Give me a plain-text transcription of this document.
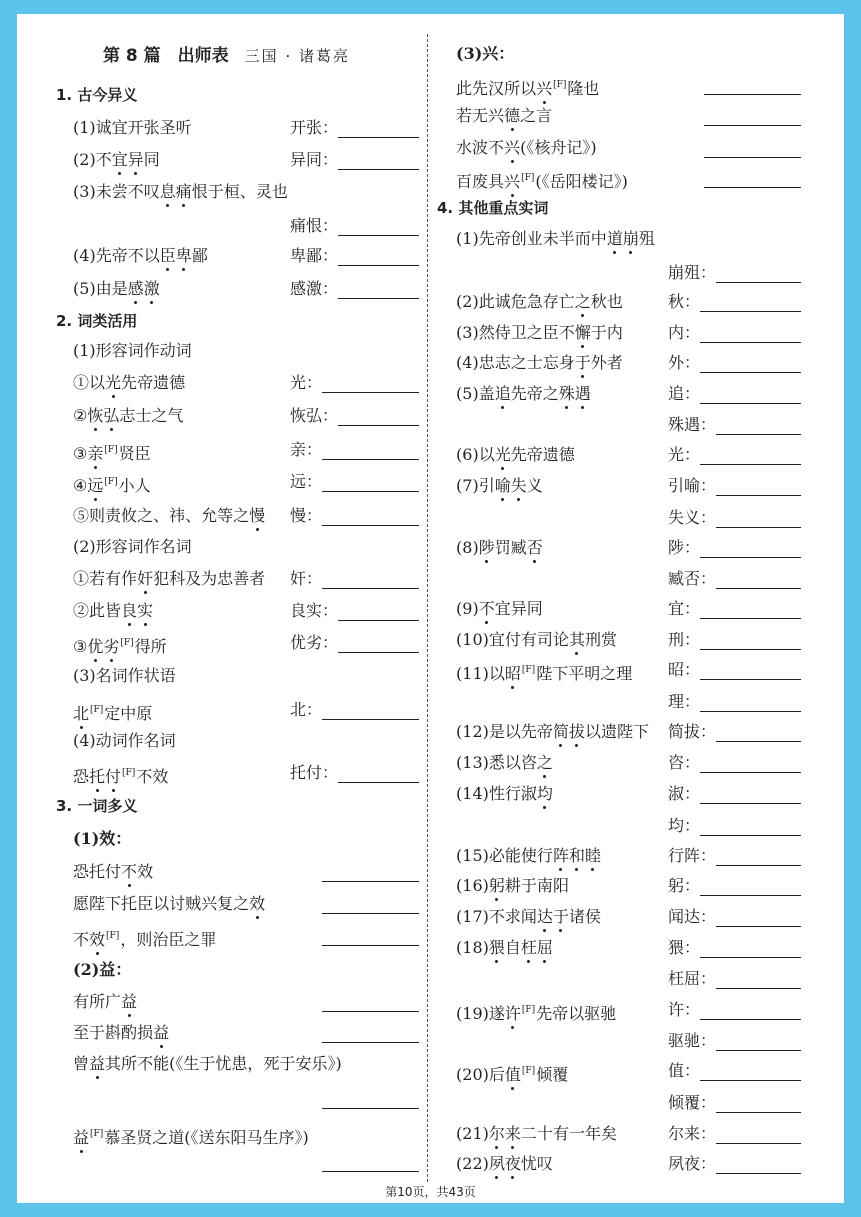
第 8 篇　出师表 三国 · 诸葛亮
1. 古今异义
2. 词类活用
3. 一词多义
4. 其他重点实词
(1)形容词作动词
(2)形容词作名词
(3)名词作状语
(4)动词作名词
(1)效：
(2)益：
(3)兴：
第10页，共43页
(1)诚宜开张圣听	开张：
(2)不宜异同	异同：
(3)未尝不叹息痛恨于桓、灵也
痛恨：
(4)先帝不以臣卑鄙	卑鄙：
(5)由是感激	感激：
①以光先帝遗德	光：
②恢弘志士之气	恢弘：
③亲[F]贤臣	亲：
④远[F]小人	远：
⑤则责攸之、祎、允等之慢 慢：
①若有作奸犯科及为忠善者 奸：
②此皆良实	良实：
③优劣[F]得所	优劣：
北[F]定中原	北：
恐托付[F]不效	托付：
恐托付不效
愿陛下托臣以讨贼兴复之效
不效[F]，则治臣之罪
有所广益
至于斟酌损益
曾益其所不能(《生于忧患，死于安乐》)
益[F]慕圣贤之道(《送东阳马生序》)
此先汉所以兴[F]隆也
若无兴德之言
水波不兴(《核舟记》)
百废具兴[F](《岳阳楼记》)
(1)先帝创业未半而中道崩殂
崩殂：
(2)此诚危急存亡之秋也	秋：
(3)然侍卫之臣不懈于内	内：
(4)忠志之士忘身于外者	外：
(5)盖追先帝之殊遇	追：
殊遇：
(6)以光先帝遗德	光：
(7)引喻失义	引喻：
失义：
(8)陟罚臧否	陟：
臧否：
(9)不宜异同	宜：
(10)宜付有司论其刑赏	刑：
(11)以昭[F]陛下平明之理 昭：
理：
(12)是以先帝简拔以遗陛下 简拔：
(13)悉以咨之	咨：
(14)性行淑均	淑：
均：
(15)必能使行阵和睦	行阵：
(16)躬耕于南阳	躬：
(17)不求闻达于诸侯	闻达：
(18)猥自枉屈	猥：
枉屈：
(19)遂许[F]先帝以驱驰	许：
驱驰：
(20)后值[F]倾覆	值：
倾覆：
(21)尔来二十有一年矣	尔来：
(22)夙夜忧叹	夙夜：
